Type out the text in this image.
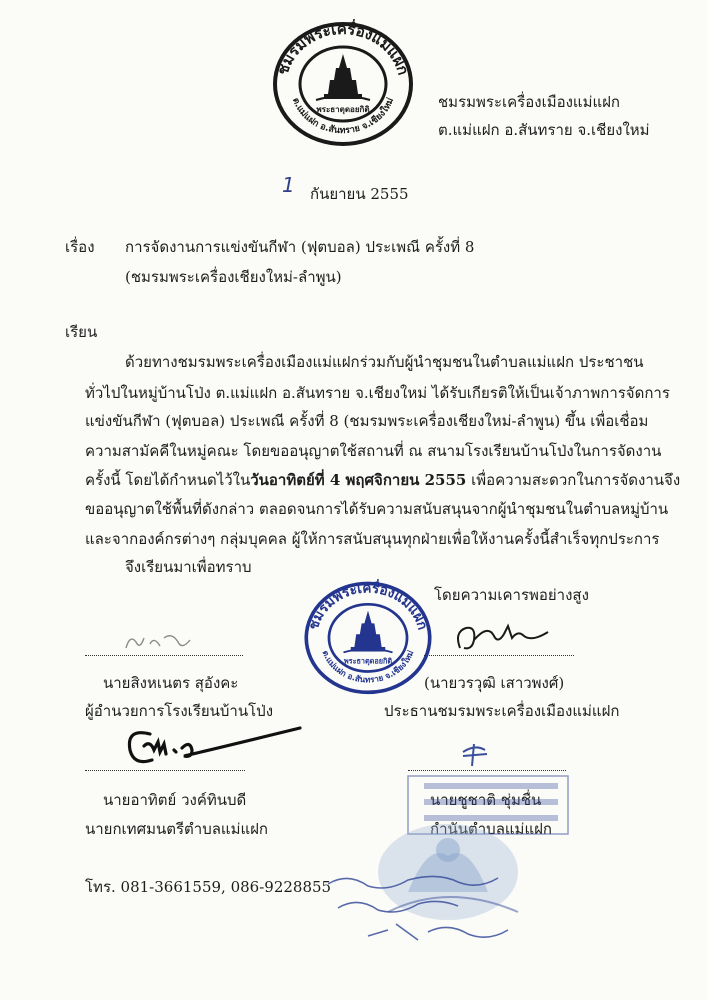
ชมรมพระเครื่องแม่แฝก
ต.แม่แฝก อ.สันทราย จ.เชียงใหม่
พระธาตุดอยกิติ	ชมรมพระเครื่องเมืองแม่แฝก
ต.แม่แฝก อ.สันทราย จ.เชียงใหม่
1 กันยายน 2555
เรื่อง การจัดงานการแข่งขันกีฬา (ฟุตบอล) ประเพณี ครั้งที่ 8
(ชมรมพระเครื่องเชียงใหม่-ลำพูน)
เรียน
ด้วยทางชมรมพระเครื่องเมืองแม่แฝกร่วมกับผู้นำชุมชนในตำบลแม่แฝก ประชาชน
ทั่วไปในหมู่บ้านโป่ง ต.แม่แฝก อ.สันทราย จ.เชียงใหม่ ได้รับเกียรติให้เป็นเจ้าภาพการจัดการ
แข่งขันกีฬา (ฟุตบอล) ประเพณี ครั้งที่ 8 (ชมรมพระเครื่องเชียงใหม่-ลำพูน) ขึ้น เพื่อเชื่อม
ความสามัคคีในหมู่คณะ โดยขออนุญาตใช้สถานที่ ณ สนามโรงเรียนบ้านโป่งในการจัดงาน
ครั้งนี้ โดยได้กำหนดไว้ในวันอาทิตย์ที่ 4 พฤศจิกายน 2555 เพื่อความสะดวกในการจัดงานจึง
ขออนุญาตใช้พื้นที่ดังกล่าว ตลอดจนการได้รับความสนับสนุนจากผู้นำชุมชนในตำบลหมู่บ้าน
และจากองค์กรต่างๆ กลุ่มบุคคล ผู้ให้การสนับสนุนทุกฝ่ายเพื่อให้งานครั้งนี้สำเร็จทุกประการ
จึงเรียนมาเพื่อทราบ
โดยความเคารพอย่างสูง
ชมรมพระเครื่องแม่แฝก
ต.แม่แฝก อ.สันทราย จ.เชียงใหม่
พระธาตุดอยกิติ
นายสิงหเนตร สุอังคะ
ผู้อำนวยการโรงเรียนบ้านโป่ง
(นายวรวุฒิ เสาวพงศ์)
ประธานชมรมพระเครื่องเมืองแม่แฝก
นายอาทิตย์ วงค์ทินบดี
นายกเทศมนตรีตำบลแม่แฝก
นายชูชาติ ชุ่มชื่น
กำนันตำบลแม่แฝก
โทร. 081-3661559, 086-9228855
